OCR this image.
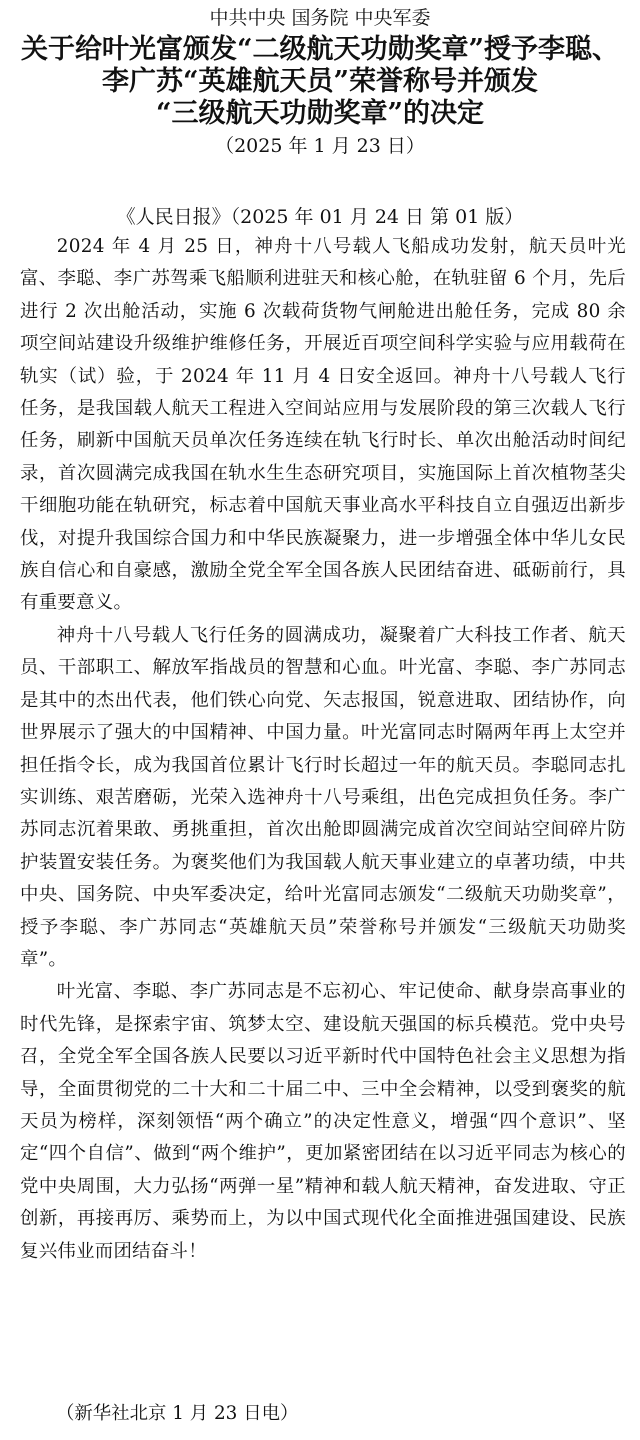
中共中央 国务院 中央军委
关于给叶光富颁发“二级航天功勋奖章”授予李聪、
李广苏“英雄航天员”荣誉称号并颁发
“三级航天功勋奖章”的决定
（2025 年 1 月 23 日）
《人民日报》（2025 年 01 月 24 日 第 01 版）

2024 年 4 月 25 日，神舟十八号载人飞船成功发射，航天员叶光富、李聪、李广苏驾乘飞船顺利进驻天和核心舱，在轨驻留 6 个月，先后进行 2 次出舱活动，实施 6 次载荷货物气闸舱进出舱任务，完成 80 余项空间站建设升级维护维修任务，开展近百项空间科学实验与应用载荷在轨实（试）验，于 2024 年 11 月 4 日安全返回。神舟十八号载人飞行任务，是我国载人航天工程进入空间站应用与发展阶段的第三次载人飞行任务，刷新中国航天员单次任务连续在轨飞行时长、单次出舱活动时间纪录，首次圆满完成我国在轨水生生态研究项目，实施国际上首次植物茎尖干细胞功能在轨研究，标志着中国航天事业高水平科技自立自强迈出新步伐，对提升我国综合国力和中华民族凝聚力，进一步增强全体中华儿女民族自信心和自豪感，激励全党全军全国各族人民团结奋进、砥砺前行，具有重要意义。

神舟十八号载人飞行任务的圆满成功，凝聚着广大科技工作者、航天员、干部职工、解放军指战员的智慧和心血。叶光富、李聪、李广苏同志是其中的杰出代表，他们铁心向党、矢志报国，锐意进取、团结协作，向世界展示了强大的中国精神、中国力量。叶光富同志时隔两年再上太空并担任指令长，成为我国首位累计飞行时长超过一年的航天员。李聪同志扎实训练、艰苦磨砺，光荣入选神舟十八号乘组，出色完成担负任务。李广苏同志沉着果敢、勇挑重担，首次出舱即圆满完成首次空间站空间碎片防护装置安装任务。为褒奖他们为我国载人航天事业建立的卓著功绩，中共中央、国务院、中央军委决定，给叶光富同志颁发“二级航天功勋奖章”，授予李聪、李广苏同志“英雄航天员”荣誉称号并颁发“三级航天功勋奖章”。

叶光富、李聪、李广苏同志是不忘初心、牢记使命、献身崇高事业的时代先锋，是探索宇宙、筑梦太空、建设航天强国的标兵模范。党中央号召，全党全军全国各族人民要以习近平新时代中国特色社会主义思想为指导，全面贯彻党的二十大和二十届二中、三中全会精神，以受到褒奖的航天员为榜样，深刻领悟“两个确立”的决定性意义，增强“四个意识”、坚定“四个自信”、做到“两个维护”，更加紧密团结在以习近平同志为核心的党中央周围，大力弘扬“两弹一星”精神和载人航天精神，奋发进取、守正创新，再接再厉、乘势而上，为以中国式现代化全面推进强国建设、民族复兴伟业而团结奋斗！

（新华社北京 1 月 23 日电）
